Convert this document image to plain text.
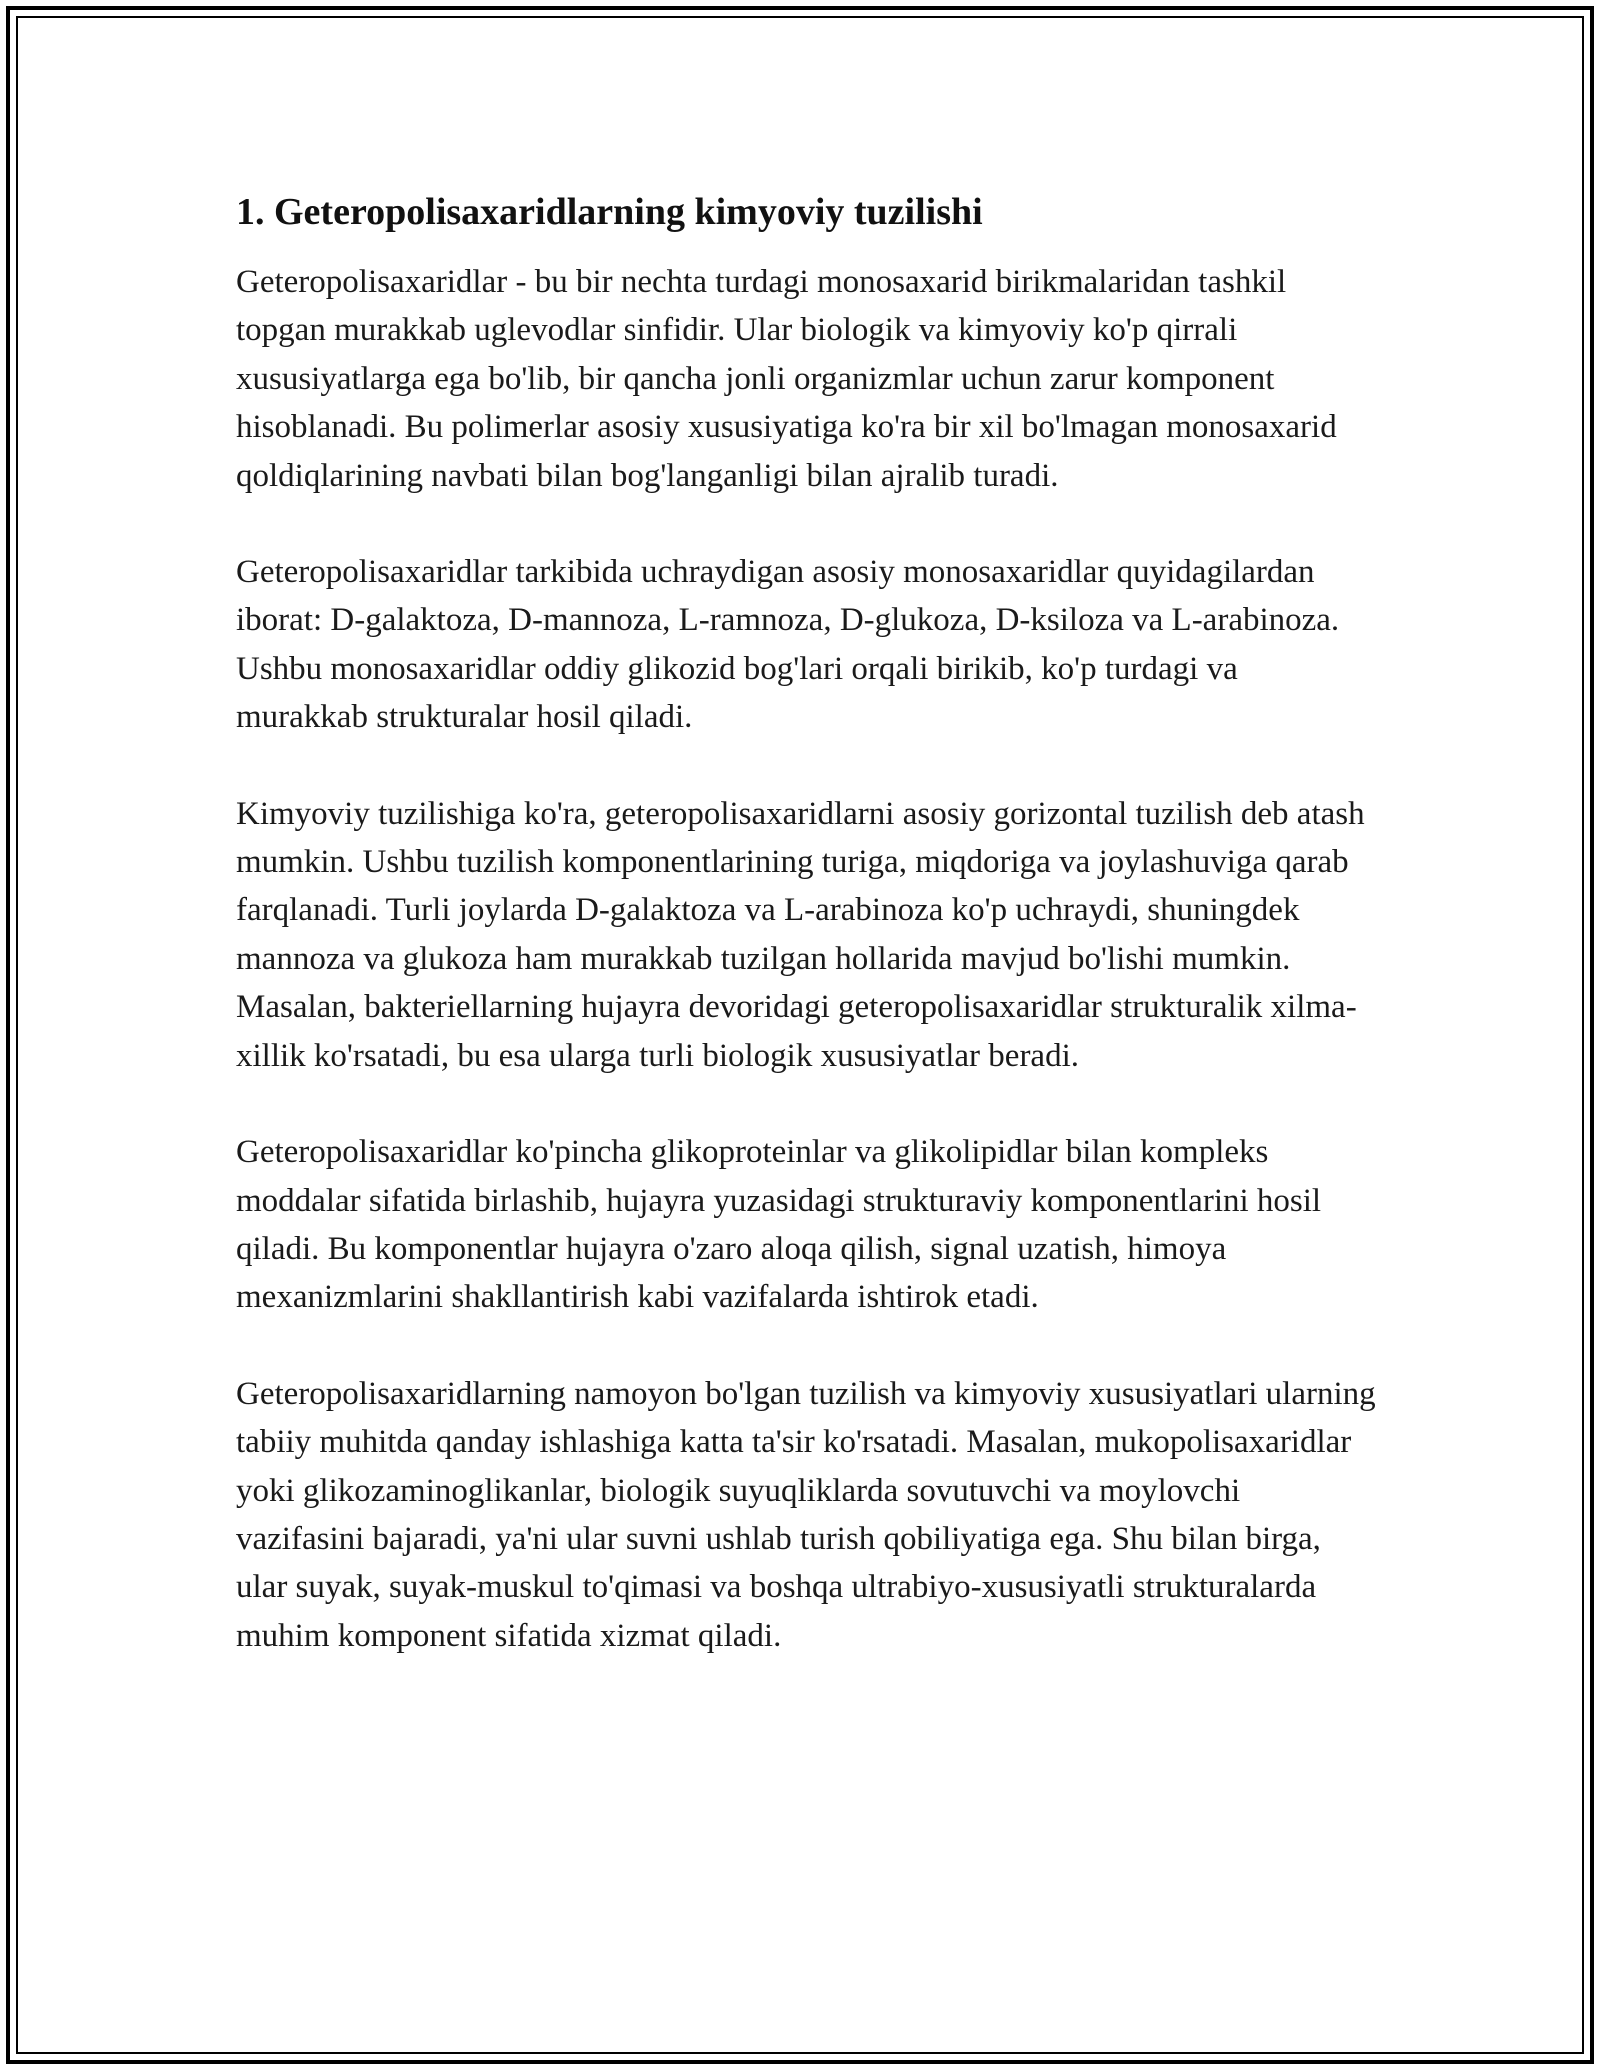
1. Geteropolisaxaridlarning kimyoviy tuzilishi

Geteropolisaxaridlar - bu bir nechta turdagi monosaxarid birikmalaridan tashkil topgan murakkab uglevodlar sinfidir. Ular biologik va kimyoviy ko'p qirrali xususiyatlarga ega bo'lib, bir qancha jonli organizmlar uchun zarur komponent hisoblanadi. Bu polimerlar asosiy xususiyatiga ko'ra bir xil bo'lmagan monosaxarid qoldiqlarining navbati bilan bog'langanligi bilan ajralib turadi.

Geteropolisaxaridlar tarkibida uchraydigan asosiy monosaxaridlar quyidagilardan iborat: D-galaktoza, D-mannoza, L-ramnoza, D-glukoza, D-ksiloza va L-arabinoza. Ushbu monosaxaridlar oddiy glikozid bog'lari orqali birikib, ko'p turdagi va murakkab strukturalar hosil qiladi.

Kimyoviy tuzilishiga ko'ra, geteropolisaxaridlarni asosiy gorizontal tuzilish deb atash mumkin. Ushbu tuzilish komponentlarining turiga, miqdoriga va joylashuviga qarab farqlanadi. Turli joylarda D-galaktoza va L-arabinoza ko'p uchraydi, shuningdek mannoza va glukoza ham murakkab tuzilgan hollarida mavjud bo'lishi mumkin. Masalan, bakteriellarning hujayra devoridagi geteropolisaxaridlar strukturalik xilma-xillik ko'rsatadi, bu esa ularga turli biologik xususiyatlar beradi.

Geteropolisaxaridlar ko'pincha glikoproteinlar va glikolipidlar bilan kompleks moddalar sifatida birlashib, hujayra yuzasidagi strukturaviy komponentlarini hosil qiladi. Bu komponentlar hujayra o'zaro aloqa qilish, signal uzatish, himoya mexanizmlarini shakllantirish kabi vazifalarda ishtirok etadi.

Geteropolisaxaridlarning namoyon bo'lgan tuzilish va kimyoviy xususiyatlari ularning tabiiy muhitda qanday ishlashiga katta ta'sir ko'rsatadi. Masalan, mukopolisaxaridlar yoki glikozaminoglikanlar, biologik suyuqliklarda sovutuvchi va moylovchi vazifasini bajaradi, ya'ni ular suvni ushlab turish qobiliyatiga ega. Shu bilan birga, ular suyak, suyak-muskul to'qimasi va boshqa ultrabiyo-xususiyatli strukturalarda muhim komponent sifatida xizmat qiladi.
